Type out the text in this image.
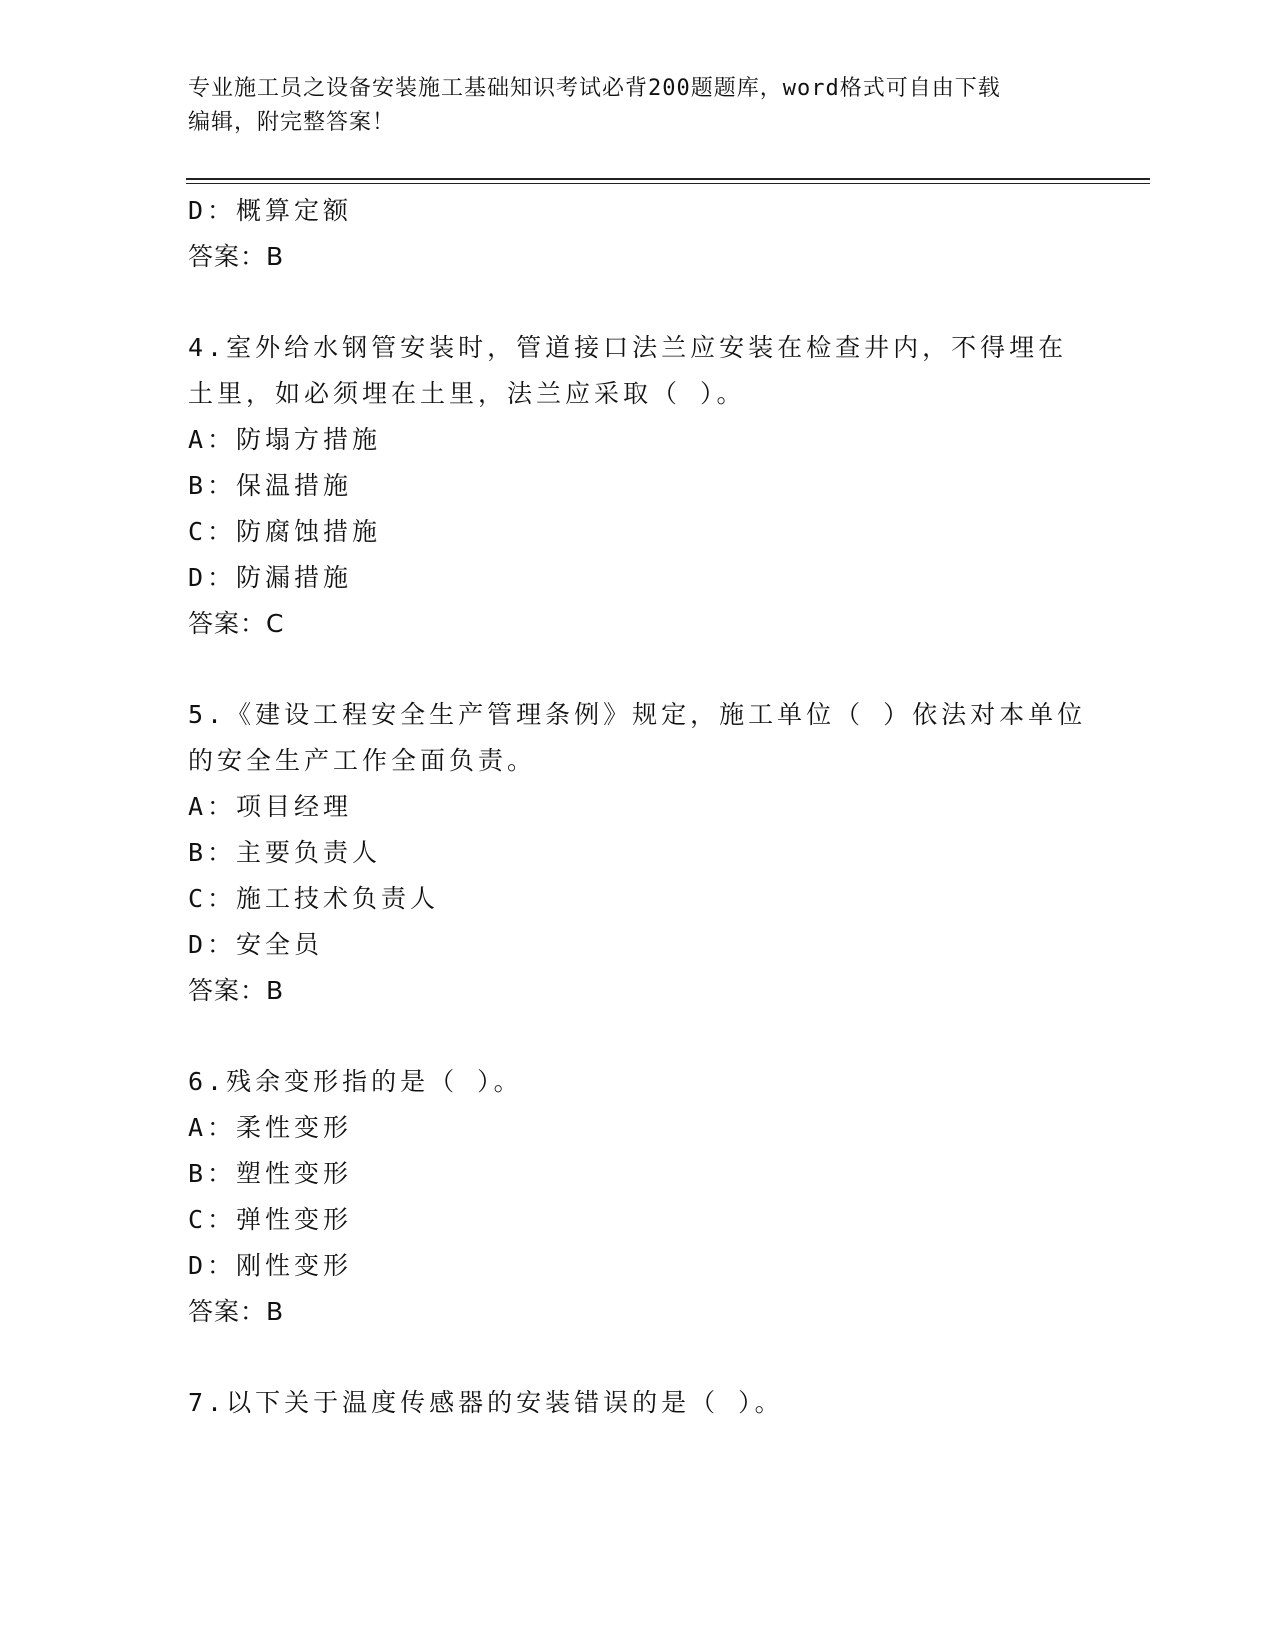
专业施工员之设备安装施工基础知识考试必背200题题库，word格式可自由下载
编辑，附完整答案！
D：概算定额
答案：B
4.室外给水钢管安装时，管道接口法兰应安装在检查井内，不得埋在
土里，如必须埋在土里，法兰应采取（ ）。
A：防塌方措施
B：保温措施
C：防腐蚀措施
D：防漏措施
答案：C
5.《建设工程安全生产管理条例》规定，施工单位（ ）依法对本单位
的安全生产工作全面负责。
A：项目经理
B：主要负责人
C：施工技术负责人
D：安全员
答案：B
6.残余变形指的是（ ）。
A：柔性变形
B：塑性变形
C：弹性变形
D：刚性变形
答案：B
7.以下关于温度传感器的安装错误的是（ ）。
